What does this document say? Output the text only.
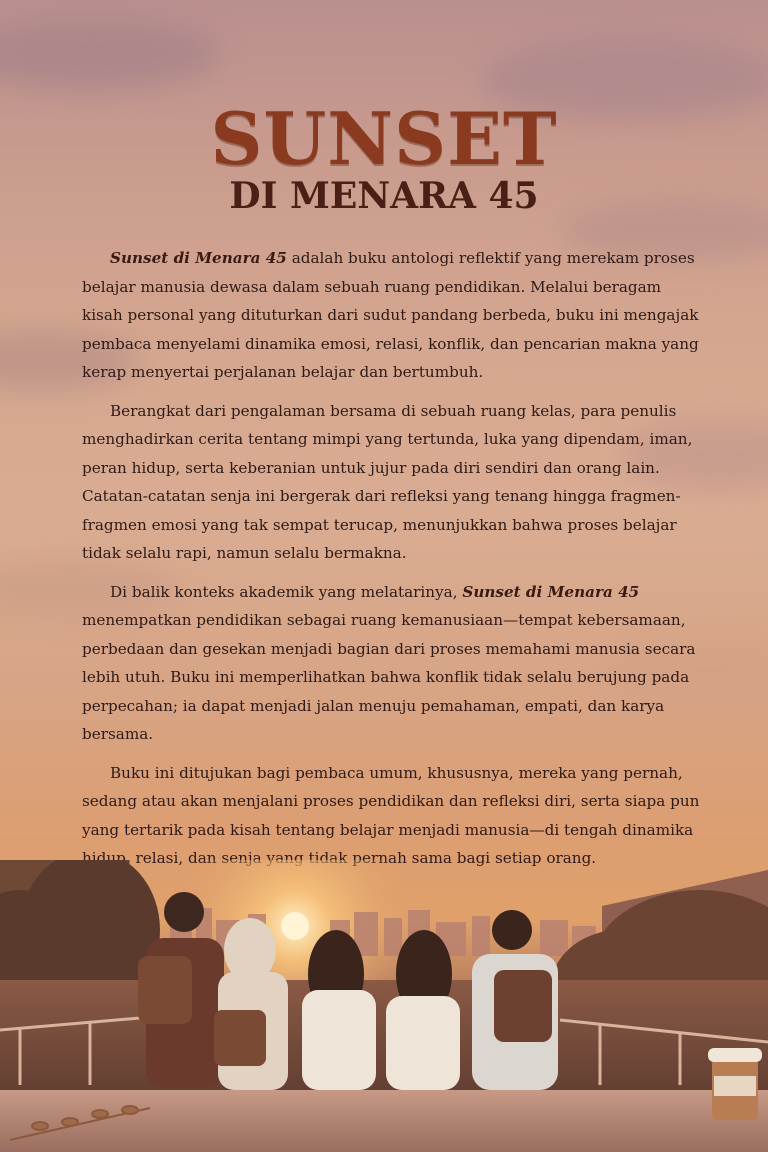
SUNSET
DI MENARA 45

Sunset di Menara 45 adalah buku antologi reflektif yang merekam proses belajar manusia dewasa dalam sebuah ruang pendidikan. Melalui beragam kisah personal yang dituturkan dari sudut pandang berbeda, buku ini mengajak pembaca menyelami dinamika emosi, relasi, konflik, dan pencarian makna yang kerap menyertai perjalanan belajar dan bertumbuh.

Berangkat dari pengalaman bersama di sebuah ruang kelas, para penulis menghadirkan cerita tentang mimpi yang tertunda, luka yang dipendam, iman, peran hidup, serta keberanian untuk jujur pada diri sendiri dan orang lain. Catatan-catatan senja ini bergerak dari refleksi yang tenang hingga fragmen-fragmen emosi yang tak sempat terucap, menunjukkan bahwa proses belajar tidak selalu rapi, namun selalu bermakna.

Di balik konteks akademik yang melatarinya, Sunset di Menara 45 menempatkan pendidikan sebagai ruang kemanusiaan—tempat kebersamaan, perbedaan dan gesekan menjadi bagian dari proses memahami manusia secara lebih utuh. Buku ini memperlihatkan bahwa konflik tidak selalu berujung pada perpecahan; ia dapat menjadi jalan menuju pemahaman, empati, dan karya bersama.

Buku ini ditujukan bagi pembaca umum, khususnya, mereka yang pernah, sedang atau akan menjalani proses pendidikan dan refleksi diri, serta siapa pun yang tertarik pada kisah tentang belajar menjadi manusia—di tengah dinamika hidup, relasi, dan senja yang tidak pernah sama bagi setiap orang.
